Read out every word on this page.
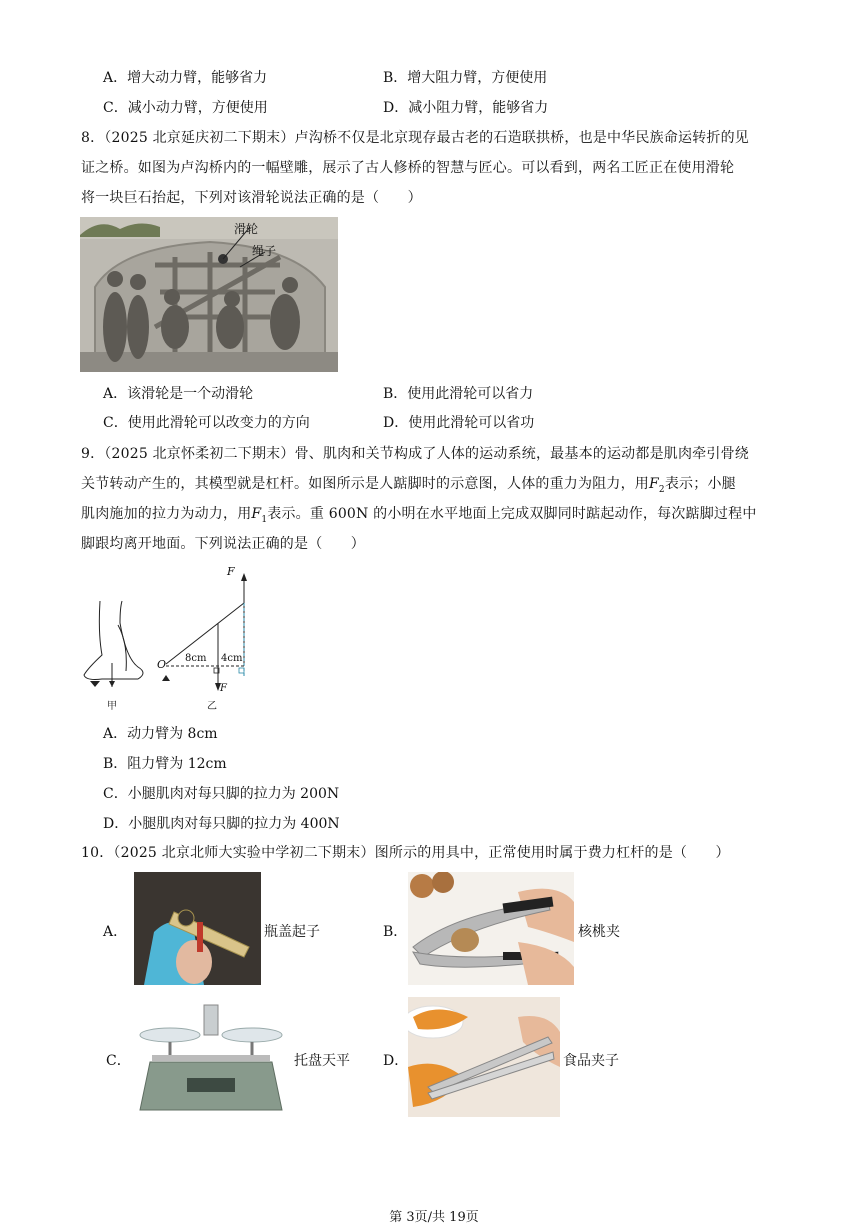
A．增大动力臂，能够省力	B．增大阻力臂，方便使用
C．减小动力臂，方便使用	D．减小阻力臂，能够省力
8．（2025 北京延庆初二下期末）卢沟桥不仅是北京现存最古老的石造联拱桥，也是中华民族命运转折的见
证之桥。如图为卢沟桥内的一幅壁雕，展示了古人修桥的智慧与匠心。可以看到，两名工匠正在使用滑轮
将一块巨石抬起，下列对该滑轮说法正确的是（　　）
滑轮
绳子
A．该滑轮是一个动滑轮	B．使用此滑轮可以省力
C．使用此滑轮可以改变力的方向	D．使用此滑轮可以省功
9．（2025 北京怀柔初二下期末）骨、肌肉和关节构成了人体的运动系统，最基本的运动都是肌肉牵引骨绕
关节转动产生的，其模型就是杠杆。如图所示是人踮脚时的示意图，人体的重力为阻力，用$F_2$表示；小腿
肌肉施加的拉力为动力，用$F_1$表示。重 600N 的小明在水平地面上完成双脚同时踮起动作，每次踮脚过程中
脚跟均离开地面。下列说法正确的是（　　）
F
O 8cm 4cm
F
甲	乙
A．动力臂为 8cm
B．阻力臂为 12cm
C．小腿肌肉对每只脚的拉力为 200N
D．小腿肌肉对每只脚的拉力为 400N
10．（2025 北京北师大实验中学初二下期末）图所示的用具中，正常使用时属于费力杠杆的是（　　）
A．	瓶盖起子	B．	核桃夹
C．	托盘天平 D．	食品夹子
第 3页/共 19页
